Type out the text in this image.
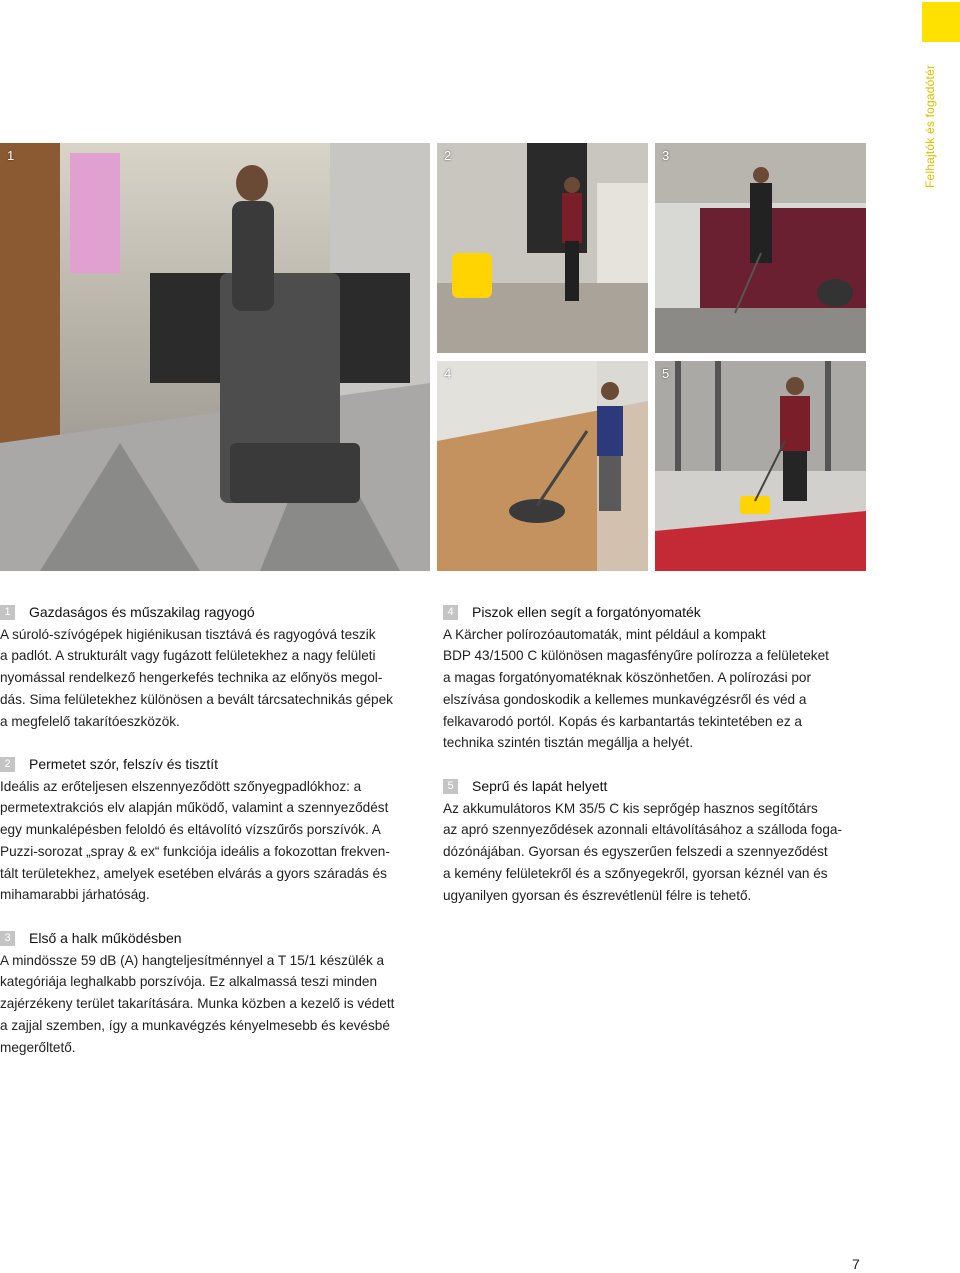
Felhajtók és fogadótér
1	2	3
4	5
1	Gazdaságos és műszakilag ragyogó
A súroló-szívógépek higiénikusan tisztává és ragyogóvá teszik
a padlót. A strukturált vagy fugázott felületekhez a nagy felületi
nyomással rendelkező hengerkefés technika az előnyös megol-
dás. Sima felületekhez különösen a bevált tárcsatechnikás gépek
a megfelelő takarítóeszközök.
2	Permetet szór, felszív és tisztít
Ideális az erőteljesen elszennyeződött szőnyegpadlókhoz: a
permetextrakciós elv alapján működő, valamint a szennyeződést
egy munkalépésben feloldó és eltávolító vízszűrős porszívók. A
Puzzi-sorozat „spray & ex“ funkciója ideális a fokozottan frekven-
tált területekhez, amelyek esetében elvárás a gyors száradás és
mihamarabbi járhatóság.
3	Első a halk működésben
A mindössze 59 dB (A) hangteljesítménnyel a T 15/1 készülék a
kategóriája leghalkabb porszívója. Ez alkalmassá teszi minden
zajérzékeny terület takarítására. Munka közben a kezelő is védett
a zajjal szemben, így a munkavégzés kényelmesebb és kevésbé
megerőltető.
4	Piszok ellen segít a forgatónyomaték
A Kärcher polírozóautomaták, mint például a kompakt
BDP 43/1500 C különösen magasfényűre polírozza a felületeket
a magas forgatónyomatéknak köszönhetően. A polírozási por
elszívása gondoskodik a kellemes munkavégzésről és véd a
felkavarodó portól. Kopás és karbantartás tekintetében ez a
technika szintén tisztán megállja a helyét.
5	Seprű és lapát helyett
Az akkumulátoros KM 35/5 C kis seprőgép hasznos segítőtárs
az apró szennyeződések azonnali eltávolításához a szálloda foga-
dózónájában. Gyorsan és egyszerűen felszedi a szennyeződést
a kemény felületekről és a szőnyegekről, gyorsan kéznél van és
ugyanilyen gyorsan és észrevétlenül félre is tehető.
7
